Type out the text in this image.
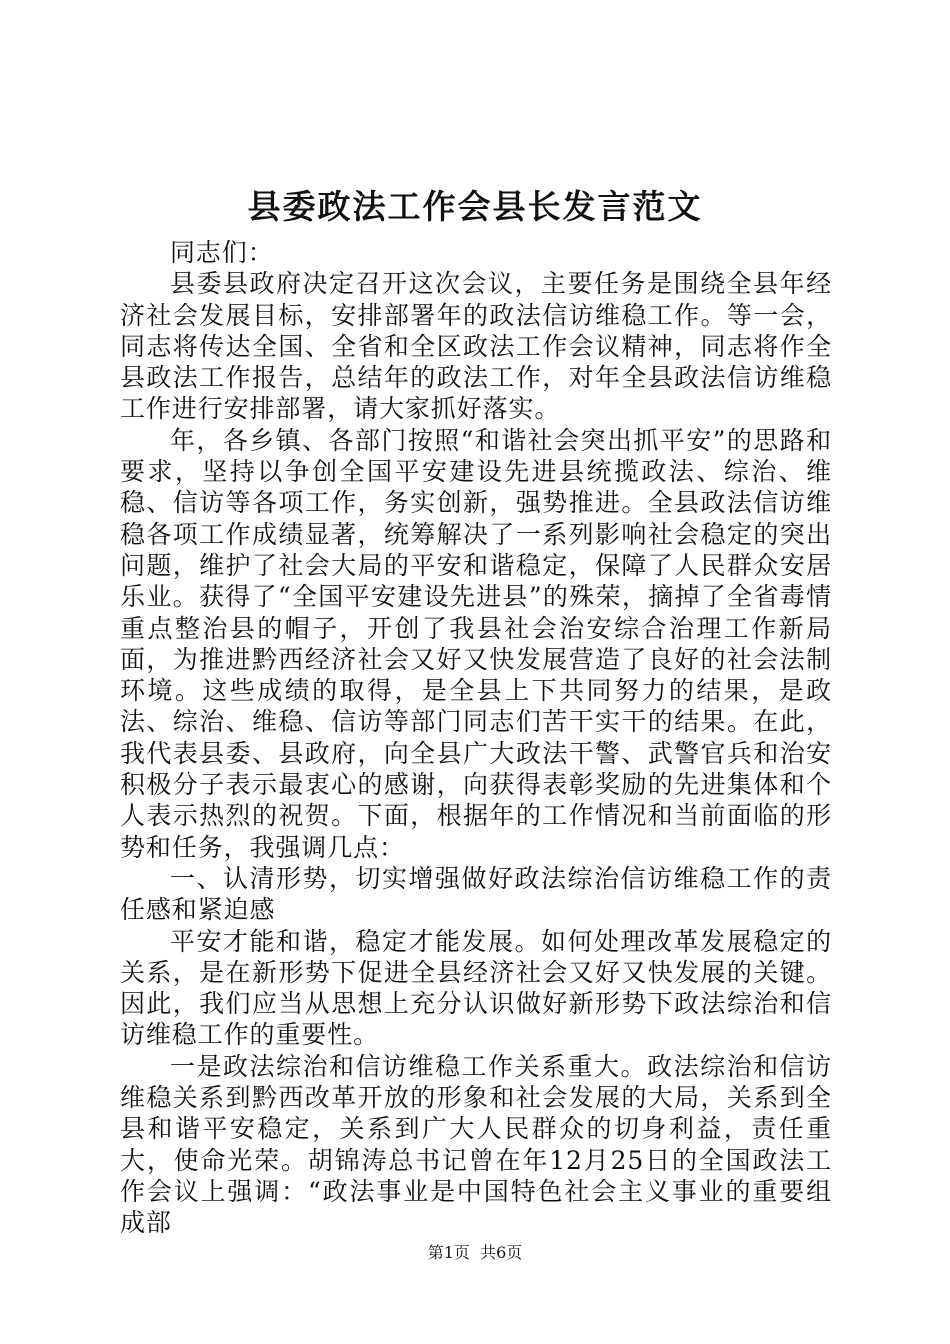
县委政法工作会县长发言范文

同志们：

县委县政府决定召开这次会议，主要任务是围绕全县年经济社会发展目标，安排部署年的政法信访维稳工作。等一会，同志将传达全国、全省和全区政法工作会议精神，同志将作全县政法工作报告，总结年的政法工作，对年全县政法信访维稳工作进行安排部署，请大家抓好落实。

年，各乡镇、各部门按照“和谐社会突出抓平安”的思路和要求，坚持以争创全国平安建设先进县统揽政法、综治、维稳、信访等各项工作，务实创新，强势推进。全县政法信访维稳各项工作成绩显著，统筹解决了一系列影响社会稳定的突出问题，维护了社会大局的平安和谐稳定，保障了人民群众安居乐业。获得了“全国平安建设先进县”的殊荣，摘掉了全省毒情重点整治县的帽子，开创了我县社会治安综合治理工作新局面，为推进黔西经济社会又好又快发展营造了良好的社会法制环境。这些成绩的取得，是全县上下共同努力的结果，是政法、综治、维稳、信访等部门同志们苦干实干的结果。在此，我代表县委、县政府，向全县广大政法干警、武警官兵和治安积极分子表示最衷心的感谢，向获得表彰奖励的先进集体和个人表示热烈的祝贺。下面，根据年的工作情况和当前面临的形势和任务，我强调几点：

一、认清形势，切实增强做好政法综治信访维稳工作的责任感和紧迫感

平安才能和谐，稳定才能发展。如何处理改革发展稳定的关系，是在新形势下促进全县经济社会又好又快发展的关键。因此，我们应当从思想上充分认识做好新形势下政法综治和信访维稳工作的重要性。

一是政法综治和信访维稳工作关系重大。政法综治和信访维稳关系到黔西改革开放的形象和社会发展的大局，关系到全县和谐平安稳定，关系到广大人民群众的切身利益，责任重大，使命光荣。胡锦涛总书记曾在年12月25日的全国政法工作会议上强调：“政法事业是中国特色社会主义事业的重要组成部

第1页 共6页
